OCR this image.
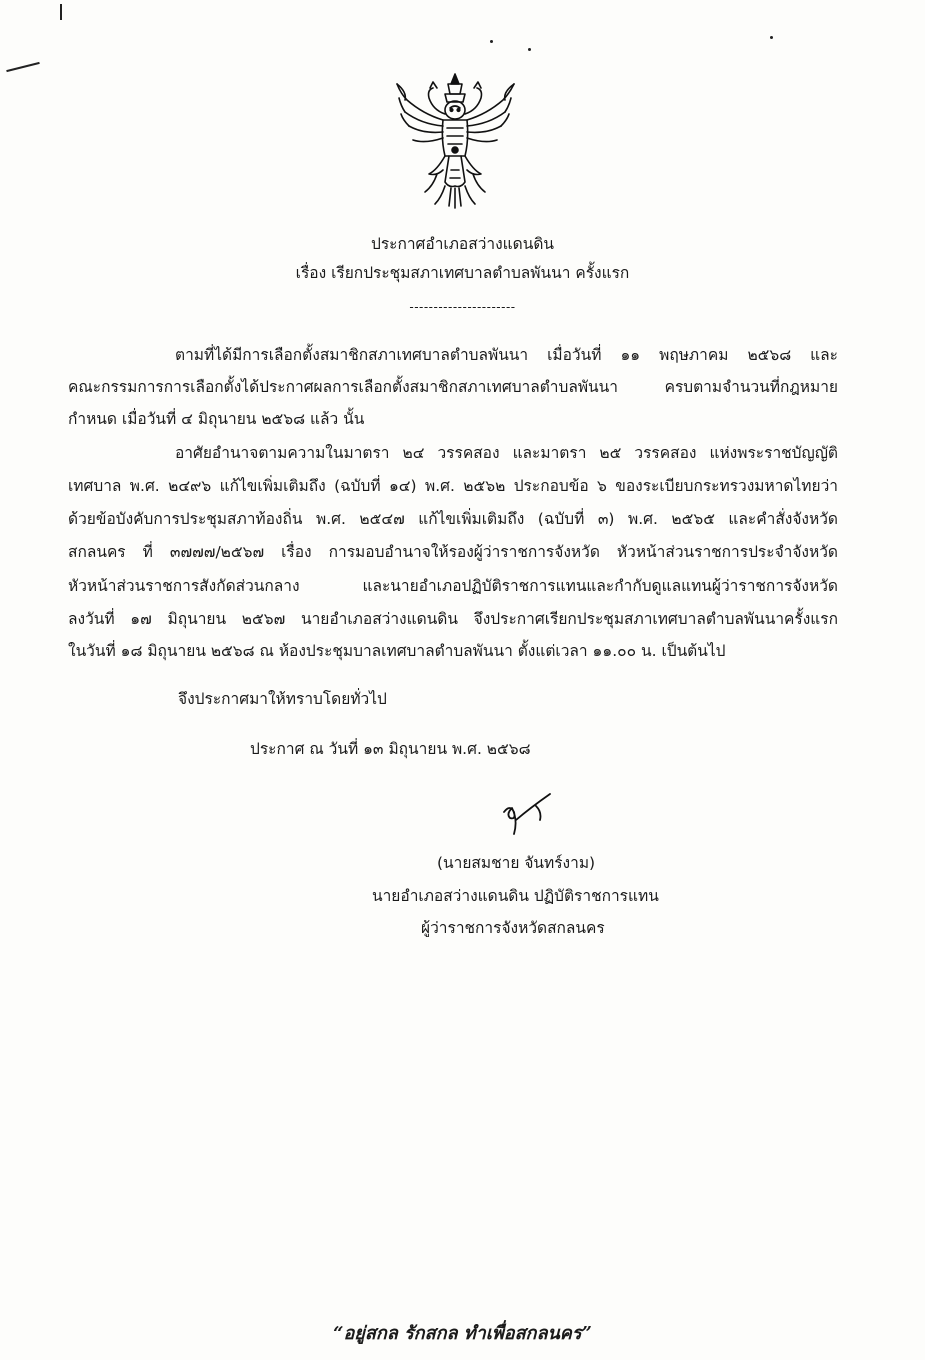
ประกาศอำเภอสว่างแดนดิน
เรื่อง เรียกประชุมสภาเทศบาลตำบลพันนา ครั้งแรก
----------------------
ตามที่ได้มีการเลือกตั้งสมาชิกสภาเทศบาลตำบลพันนา เมื่อวันที่ ๑๑ พฤษภาคม ๒๕๖๘ และ
คณะกรรมการการเลือกตั้งได้ประกาศผลการเลือกตั้งสมาชิกสภาเทศบาลตำบลพันนา ครบตามจำนวนที่กฎหมาย
กำหนด เมื่อวันที่ ๔ มิถุนายน ๒๕๖๘ แล้ว นั้น
อาศัยอำนาจตามความในมาตรา ๒๔ วรรคสอง และมาตรา ๒๕ วรรคสอง แห่งพระราชบัญญัติ
เทศบาล พ.ศ. ๒๔๙๖ แก้ไขเพิ่มเติมถึง (ฉบับที่ ๑๔) พ.ศ. ๒๕๖๒ ประกอบข้อ ๖ ของระเบียบกระทรวงมหาดไทยว่า
ด้วยข้อบังคับการประชุมสภาท้องถิ่น พ.ศ. ๒๕๔๗ แก้ไขเพิ่มเติมถึง (ฉบับที่ ๓) พ.ศ. ๒๕๖๕ และคำสั่งจังหวัด
สกลนคร ที่ ๓๗๗๗/๒๕๖๗ เรื่อง การมอบอำนาจให้รองผู้ว่าราชการจังหวัด หัวหน้าส่วนราชการประจำจังหวัด
หัวหน้าส่วนราชการสังกัดส่วนกลาง และนายอำเภอปฏิบัติราชการแทนและกำกับดูแลแทนผู้ว่าราชการจังหวัด
ลงวันที่ ๑๗ มิถุนายน ๒๕๖๗ นายอำเภอสว่างแดนดิน จึงประกาศเรียกประชุมสภาเทศบาลตำบลพันนาครั้งแรก
ในวันที่ ๑๘ มิถุนายน ๒๕๖๘ ณ ห้องประชุมบาลเทศบาลตำบลพันนา ตั้งแต่เวลา ๑๑.๐๐ น. เป็นต้นไป
จึงประกาศมาให้ทราบโดยทั่วไป
ประกาศ ณ วันที่ ๑๓ มิถุนายน พ.ศ. ๒๕๖๘
(นายสมชาย จันทร์งาม)
นายอำเภอสว่างแดนดิน ปฏิบัติราชการแทน
ผู้ว่าราชการจังหวัดสกลนคร
“อยู่สกล รักสกล ทำเพื่อสกลนคร”
